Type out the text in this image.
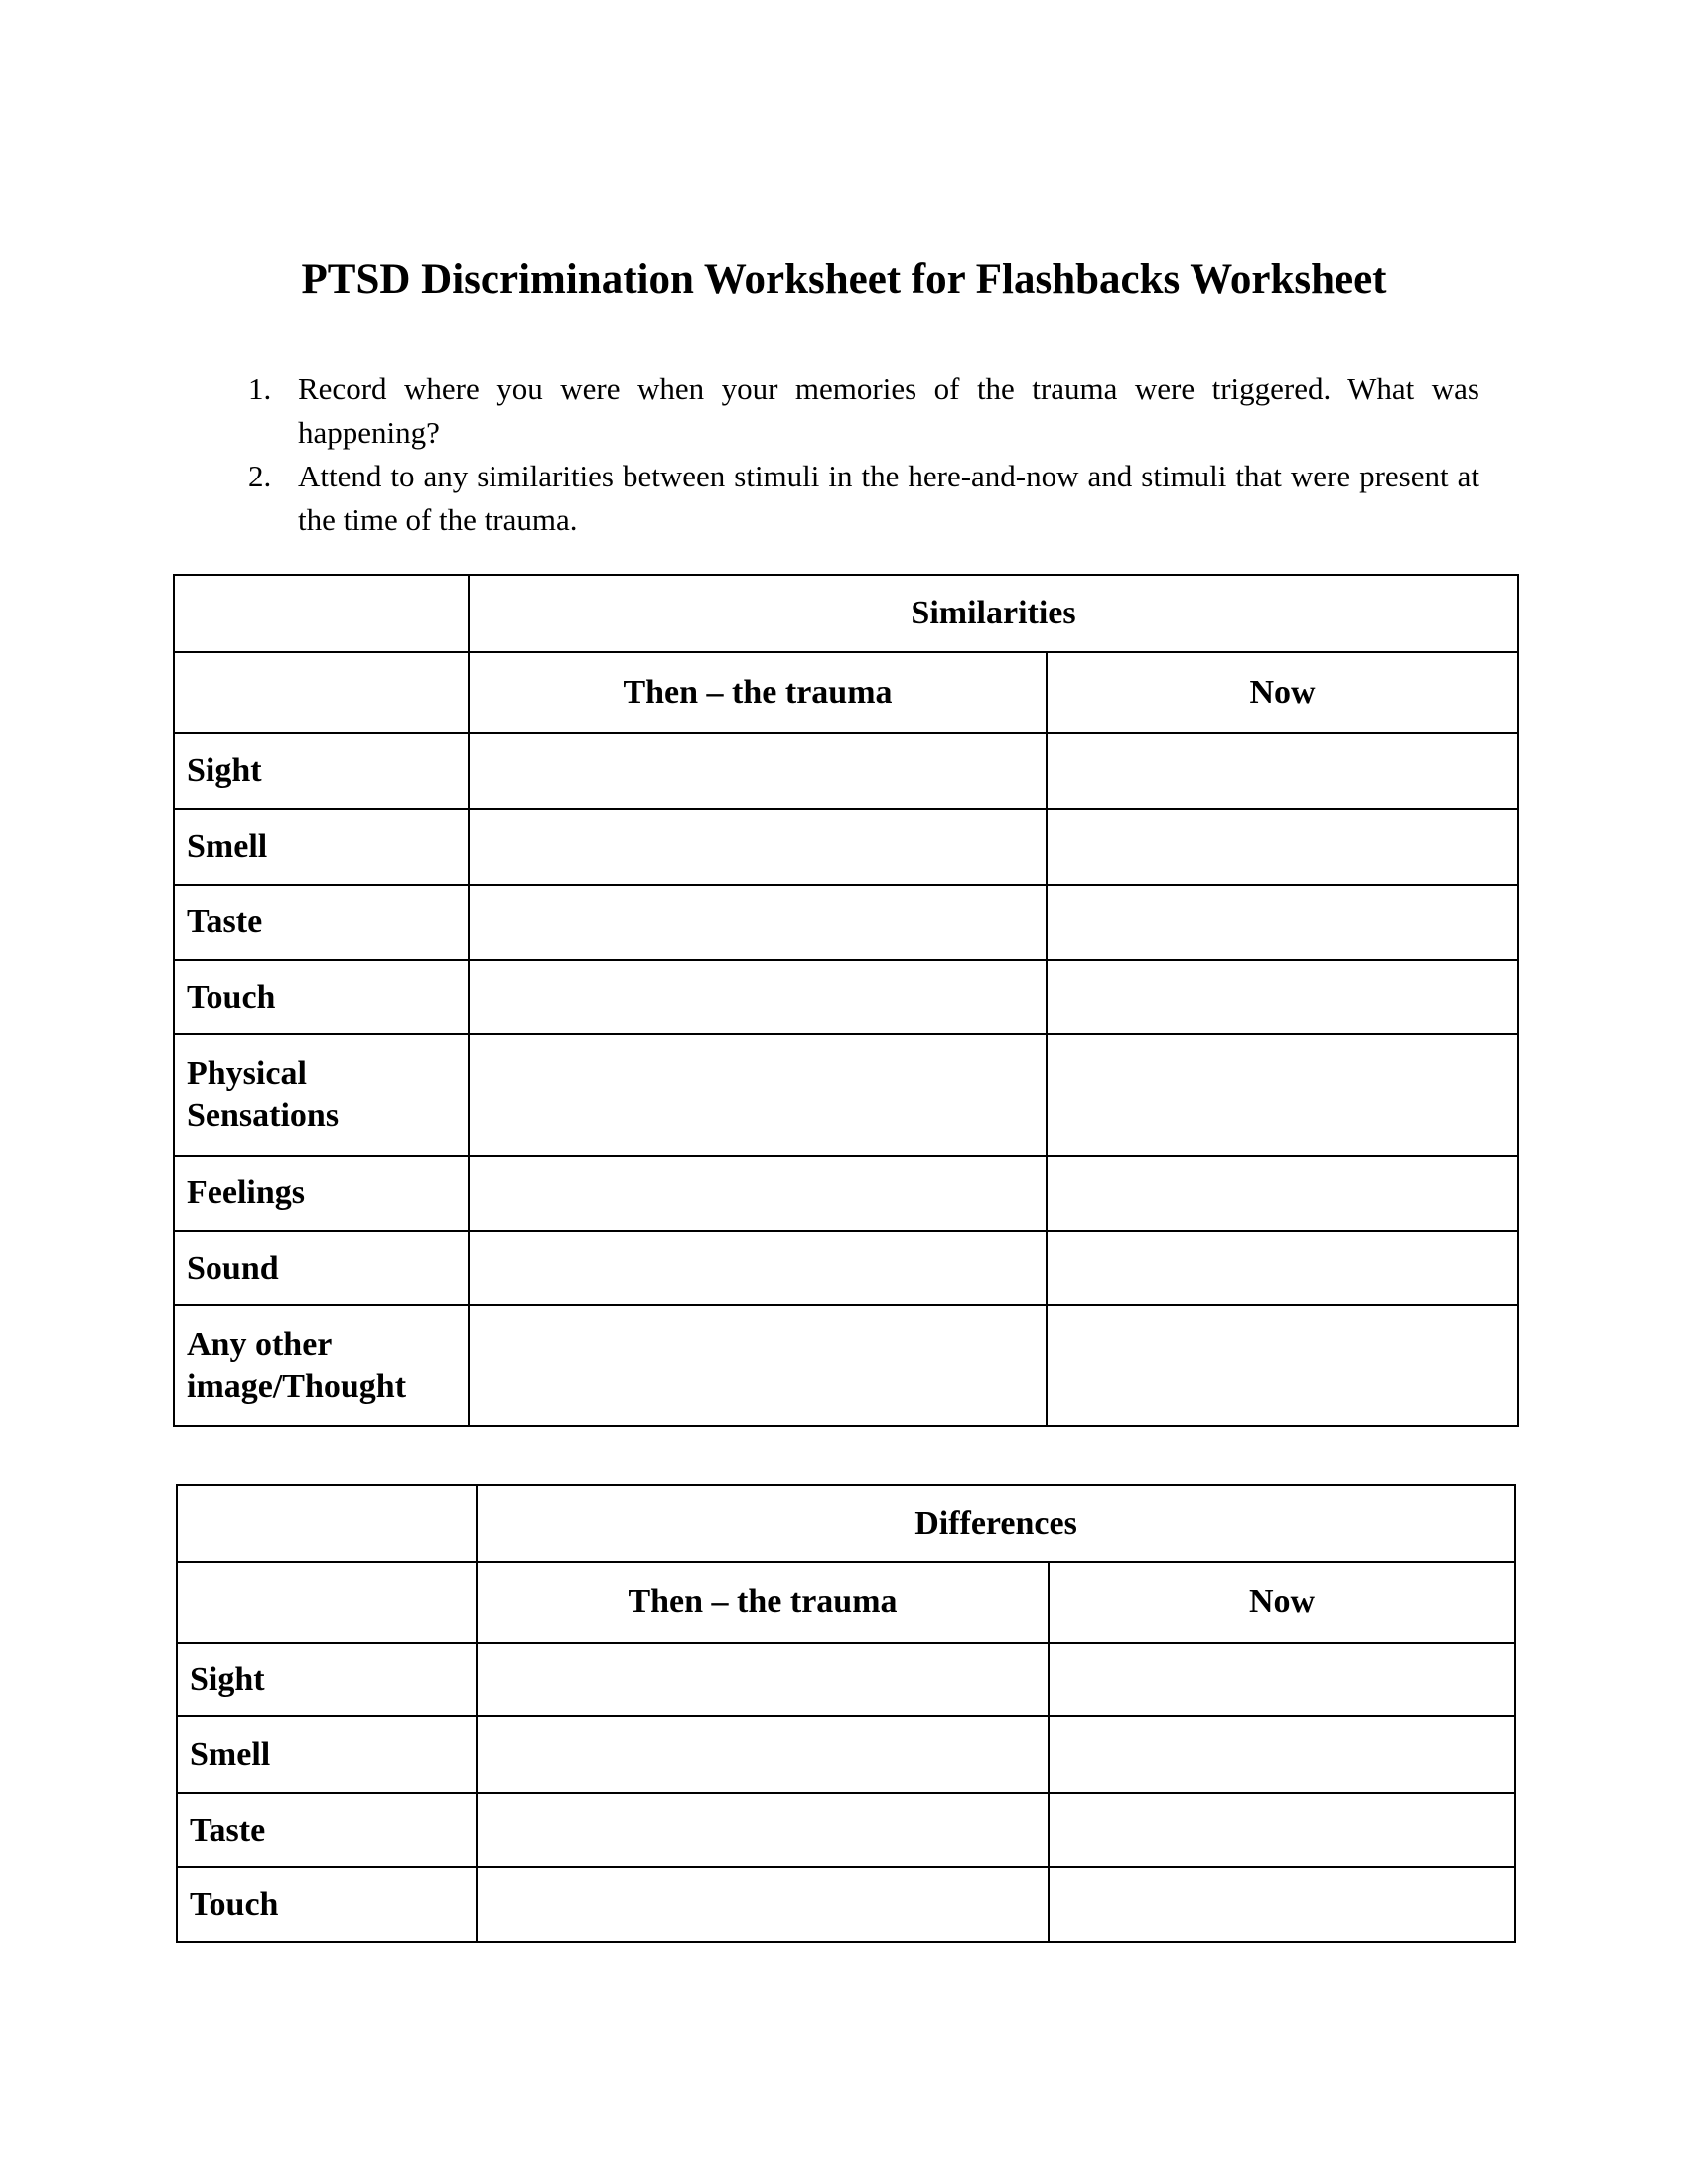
PTSD Discrimination Worksheet for Flashbacks Worksheet
1. Record where you were when your memories of the trauma were triggered. What was happening?
2. Attend to any similarities between stimuli in the here-and-now and stimuli that were present at the time of the trauma.
	Similarities	
	Then – the trauma	Now
Sight		
Smell		
Taste		
Touch		
Physical Sensations		
Feelings		
Sound		
Any other image/Thought		
	Differences	
	Then – the trauma	Now
Sight		
Smell		
Taste		
Touch		
